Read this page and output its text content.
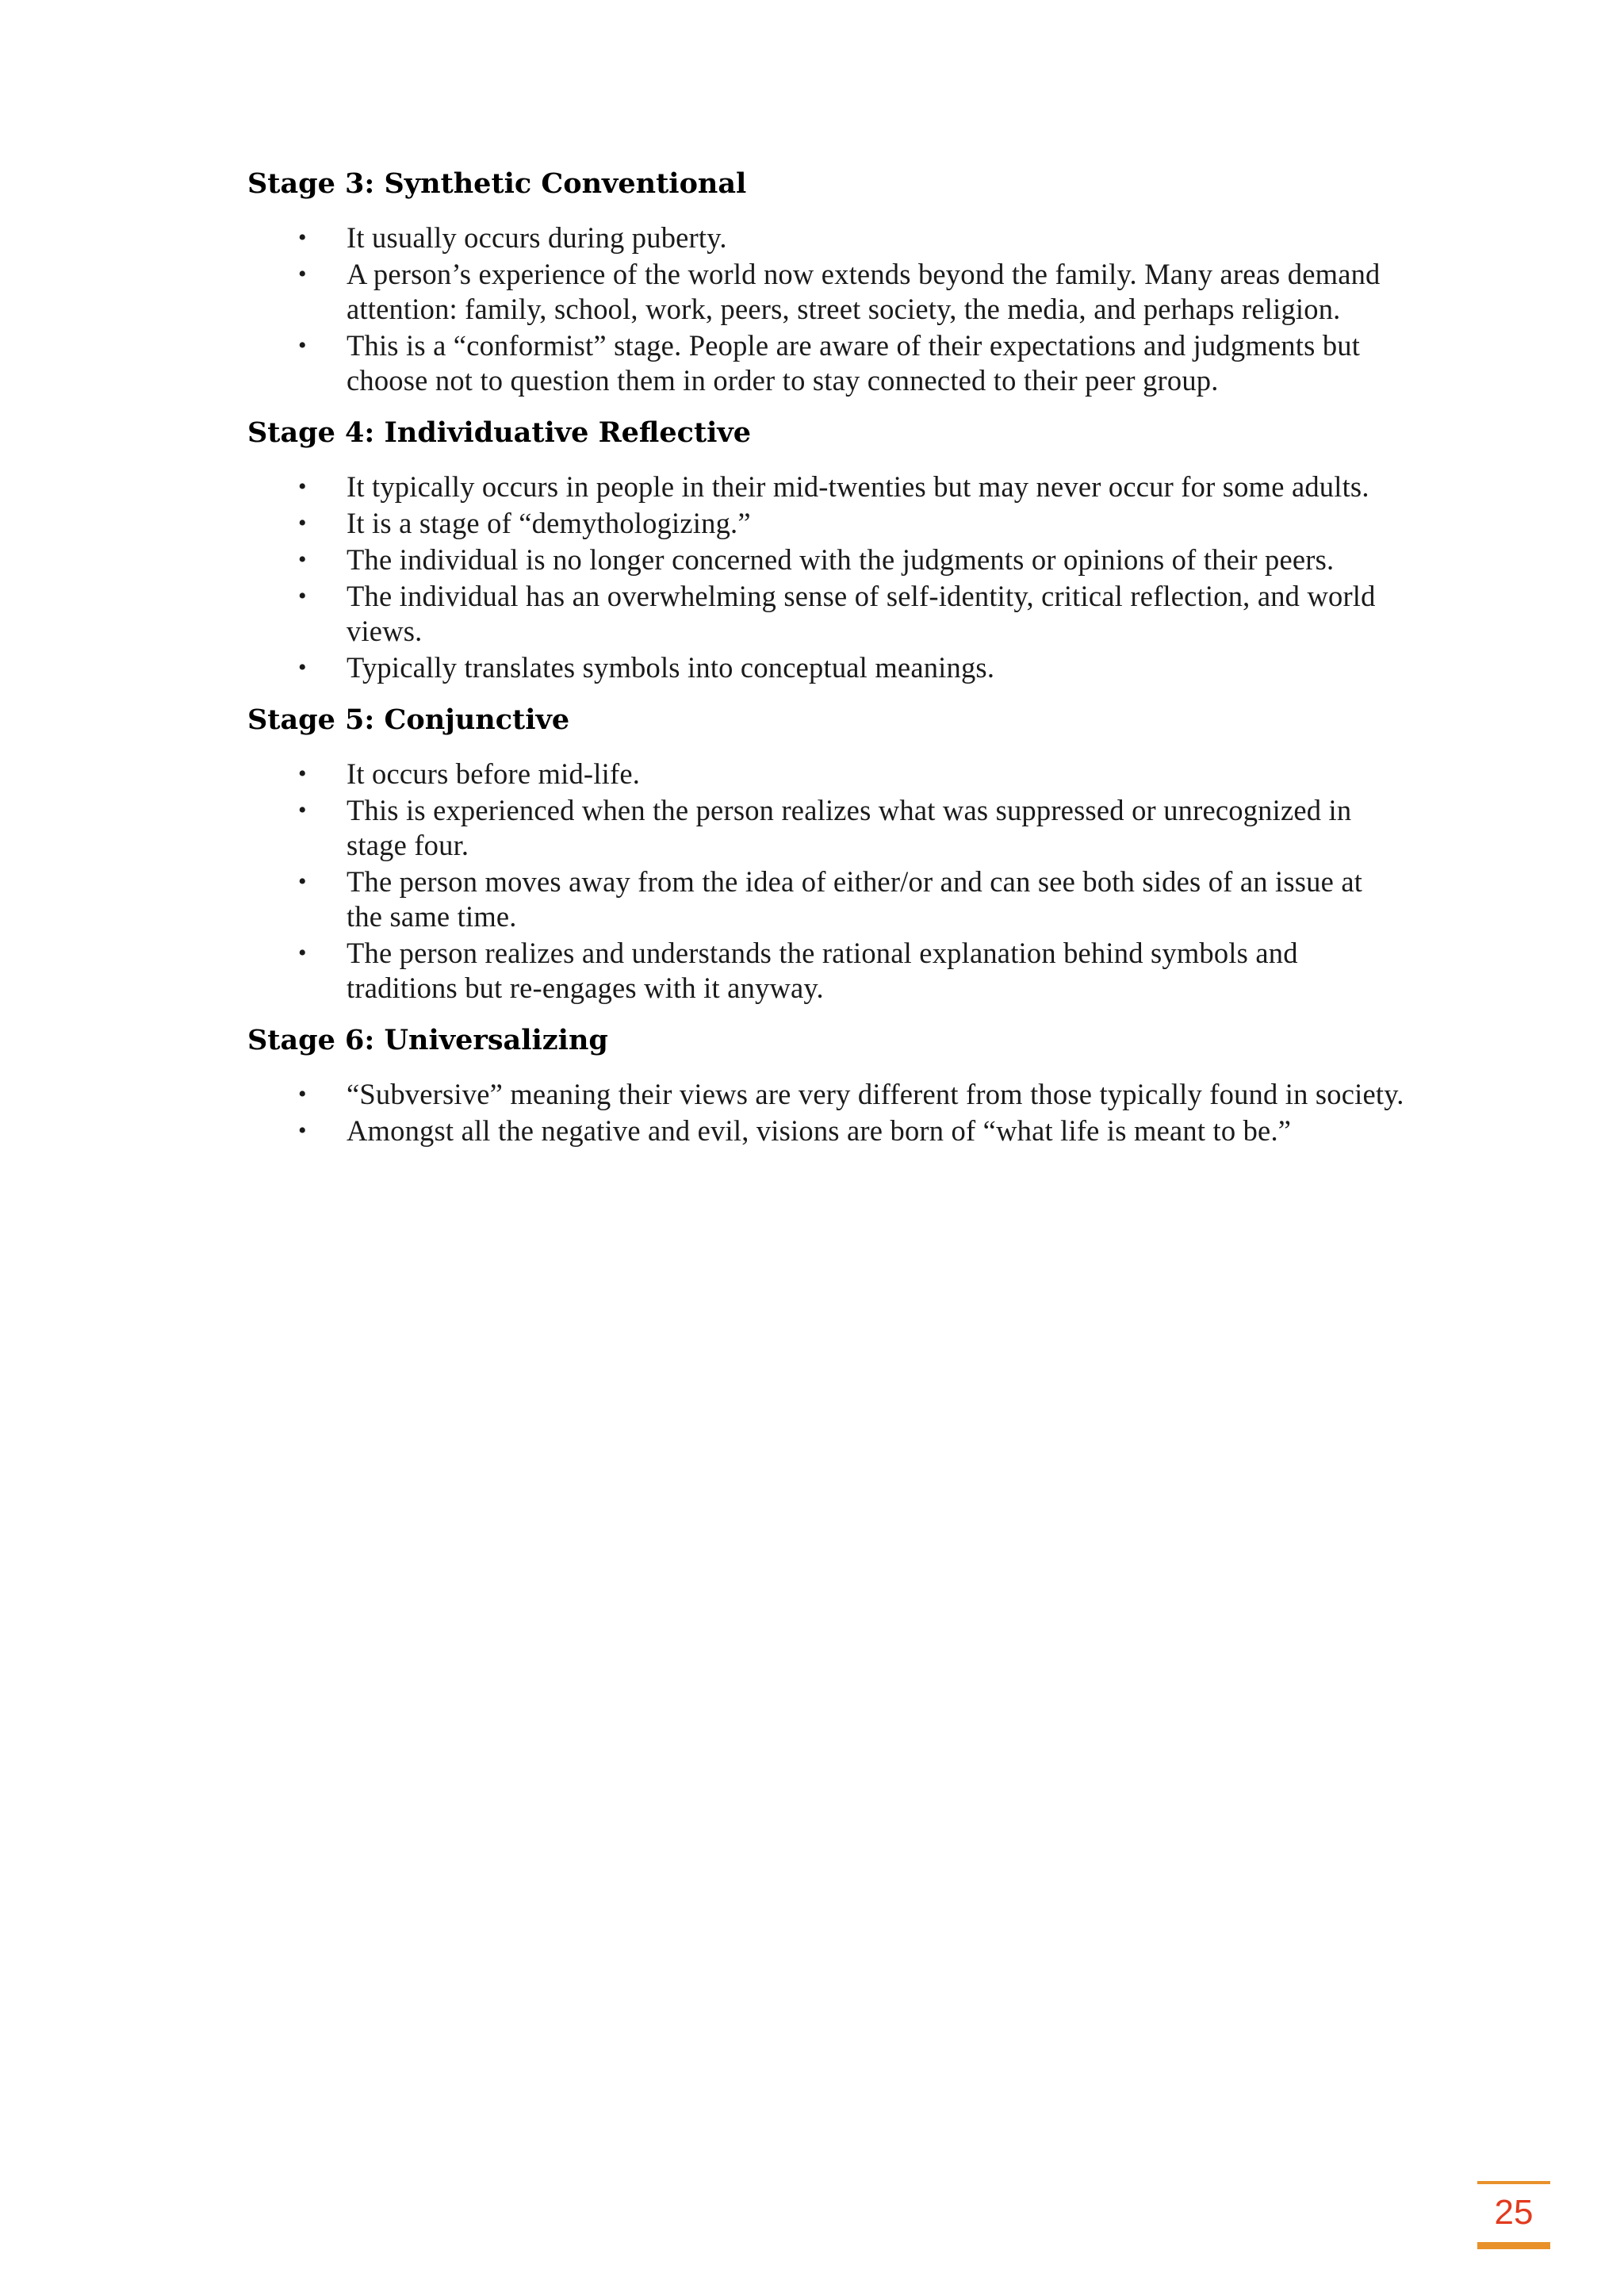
Stage 3: Synthetic Conventional
• It usually occurs during puberty.
• A person’s experience of the world now extends beyond the family. Many areas demand attention: family, school, work, peers, street society, the media, and perhaps religion.
• This is a “conformist” stage. People are aware of their expectations and judgments but choose not to question them in order to stay connected to their peer group.
Stage 4: Individuative Reflective
• It typically occurs in people in their mid-twenties but may never occur for some adults.
• It is a stage of “demythologizing.”
• The individual is no longer concerned with the judgments or opinions of their peers.
• The individual has an overwhelming sense of self-identity, critical reflection, and world views.
• Typically translates symbols into conceptual meanings.
Stage 5: Conjunctive
• It occurs before mid-life.
• This is experienced when the person realizes what was suppressed or unrecognized in stage four.
• The person moves away from the idea of either/or and can see both sides of an issue at the same time.
• The person realizes and understands the rational explanation behind symbols and traditions but re-engages with it anyway.
Stage 6: Universalizing
• “Subversive” meaning their views are very different from those typically found in society.
• Amongst all the negative and evil, visions are born of “what life is meant to be.”
25
